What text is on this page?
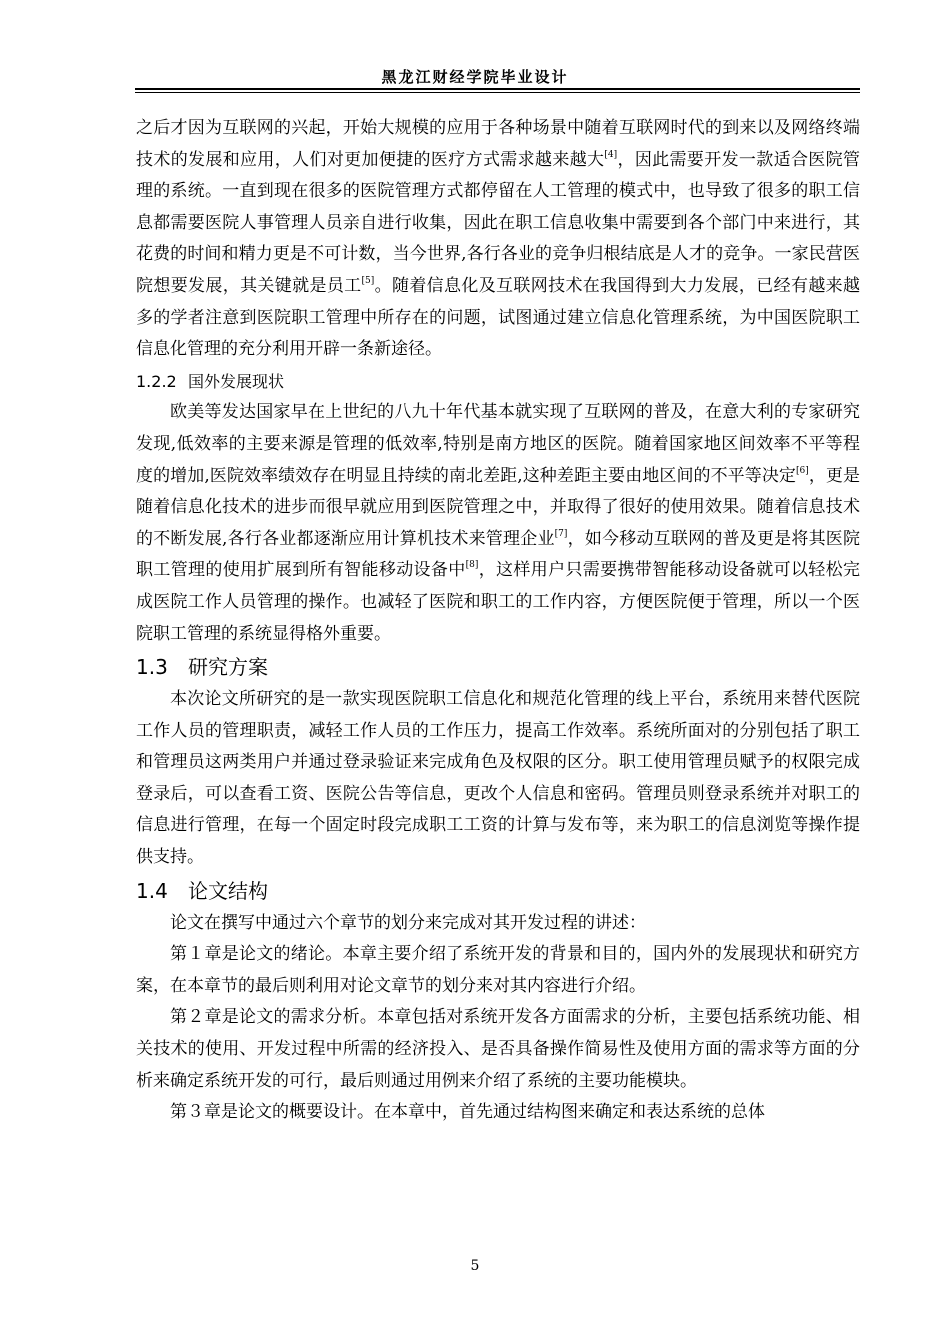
黑龙江财经学院毕业设计

之后才因为互联网的兴起，开始大规模的应用于各种场景中随着互联网时代的到来以及网络终端技术的发展和应用，人们对更加便捷的医疗方式需求越来越大[4]，因此需要开发一款适合医院管理的系统。一直到现在很多的医院管理方式都停留在人工管理的模式中，也导致了很多的职工信息都需要医院人事管理人员亲自进行收集，因此在职工信息收集中需要到各个部门中来进行，其花费的时间和精力更是不可计数，当今世界,各行各业的竞争归根结底是人才的竞争。一家民营医院想要发展，其关键就是员工[5]。随着信息化及互联网技术在我国得到大力发展，已经有越来越多的学者注意到医院职工管理中所存在的问题，试图通过建立信息化管理系统，为中国医院职工信息化管理的充分利用开辟一条新途径。

1.2.2 国外发展现状

欧美等发达国家早在上世纪的八九十年代基本就实现了互联网的普及，在意大利的专家研究发现,低效率的主要来源是管理的低效率,特别是南方地区的医院。随着国家地区间效率不平等程度的增加,医院效率绩效存在明显且持续的南北差距,这种差距主要由地区间的不平等决定[6]，更是随着信息化技术的进步而很早就应用到医院管理之中，并取得了很好的使用效果。随着信息技术的不断发展,各行各业都逐渐应用计算机技术来管理企业[7]，如今移动互联网的普及更是将其医院职工管理的使用扩展到所有智能移动设备中[8]，这样用户只需要携带智能移动设备就可以轻松完成医院工作人员管理的操作。也减轻了医院和职工的工作内容，方便医院便于管理，所以一个医院职工管理的系统显得格外重要。

1.3 研究方案

本次论文所研究的是一款实现医院职工信息化和规范化管理的线上平台，系统用来替代医院工作人员的管理职责，减轻工作人员的工作压力，提高工作效率。系统所面对的分别包括了职工和管理员这两类用户并通过登录验证来完成角色及权限的区分。职工使用管理员赋予的权限完成登录后，可以查看工资、医院公告等信息，更改个人信息和密码。管理员则登录系统并对职工的信息进行管理，在每一个固定时段完成职工工资的计算与发布等，来为职工的信息浏览等操作提供支持。

1.4 论文结构

论文在撰写中通过六个章节的划分来完成对其开发过程的讲述：

第１章是论文的绪论。本章主要介绍了系统开发的背景和目的，国内外的发展现状和研究方案，在本章节的最后则利用对论文章节的划分来对其内容进行介绍。

第２章是论文的需求分析。本章包括对系统开发各方面需求的分析，主要包括系统功能、相关技术的使用、开发过程中所需的经济投入、是否具备操作简易性及使用方面的需求等方面的分析来确定系统开发的可行，最后则通过用例来介绍了系统的主要功能模块。

第３章是论文的概要设计。在本章中，首先通过结构图来确定和表达系统的总体

5
